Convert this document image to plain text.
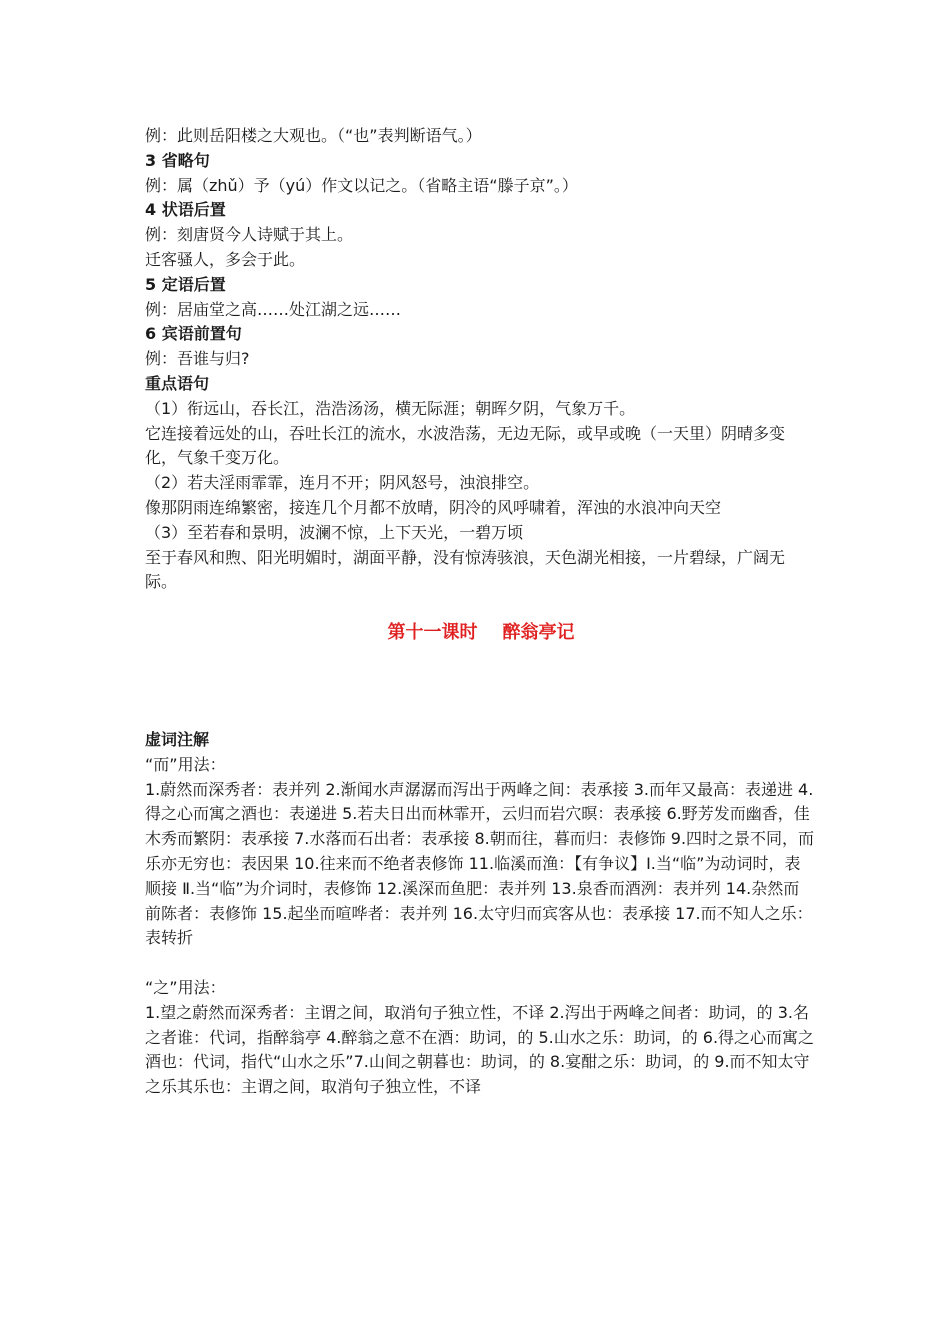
例：此则岳阳楼之大观也。（“也”表判断语气。）
3 省略句
例：属（zhǔ）予（yú）作文以记之。（省略主语“滕子京”。）
4 状语后置
例：刻唐贤今人诗赋于其上。
迁客骚人，多会于此。
5 定语后置
例：居庙堂之高……处江湖之远……
6 宾语前置句
例：吾谁与归?
重点语句
（1）衔远山，吞长江，浩浩汤汤，横无际涯；朝晖夕阴，气象万千。
它连接着远处的山，吞吐长江的流水，水波浩荡，无边无际，或早或晚（一天里）阴晴多变化，气象千变万化。
（2）若夫淫雨霏霏，连月不开；阴风怒号，浊浪排空。
像那阴雨连绵繁密，接连几个月都不放晴，阴冷的风呼啸着，浑浊的水浪冲向天空
（3）至若春和景明，波澜不惊，上下天光，一碧万顷
至于春风和煦、阳光明媚时，湖面平静，没有惊涛骇浪，天色湖光相接，一片碧绿，广阔无际。
第十一课时    醉翁亭记
虚词注解
“而”用法：
1.蔚然而深秀者：表并列 2.渐闻水声潺潺而泻出于两峰之间：表承接 3.而年又最高：表递进 4.得之心而寓之酒也：表递进 5.若夫日出而林霏开，云归而岩穴暝：表承接 6.野芳发而幽香，佳木秀而繁阴：表承接 7.水落而石出者：表承接 8.朝而往，暮而归：表修饰 9.四时之景不同，而乐亦无穷也：表因果 10.往来而不绝者表修饰 11.临溪而渔：【有争议】Ⅰ.当“临”为动词时，表顺接 Ⅱ.当“临”为介词时，表修饰 12.溪深而鱼肥：表并列 13.泉香而酒洌：表并列 14.杂然而前陈者：表修饰 15.起坐而喧哗者：表并列 16.太守归而宾客从也：表承接 17.而不知人之乐：表转折
“之”用法：
1.望之蔚然而深秀者：主谓之间，取消句子独立性，不译 2.泻出于两峰之间者：助词，的 3.名之者谁：代词，指醉翁亭 4.醉翁之意不在酒：助词，的 5.山水之乐：助词，的 6.得之心而寓之酒也：代词，指代“山水之乐”7.山间之朝暮也：助词，的 8.宴酣之乐：助词，的 9.而不知太守之乐其乐也：主谓之间，取消句子独立性，不译
